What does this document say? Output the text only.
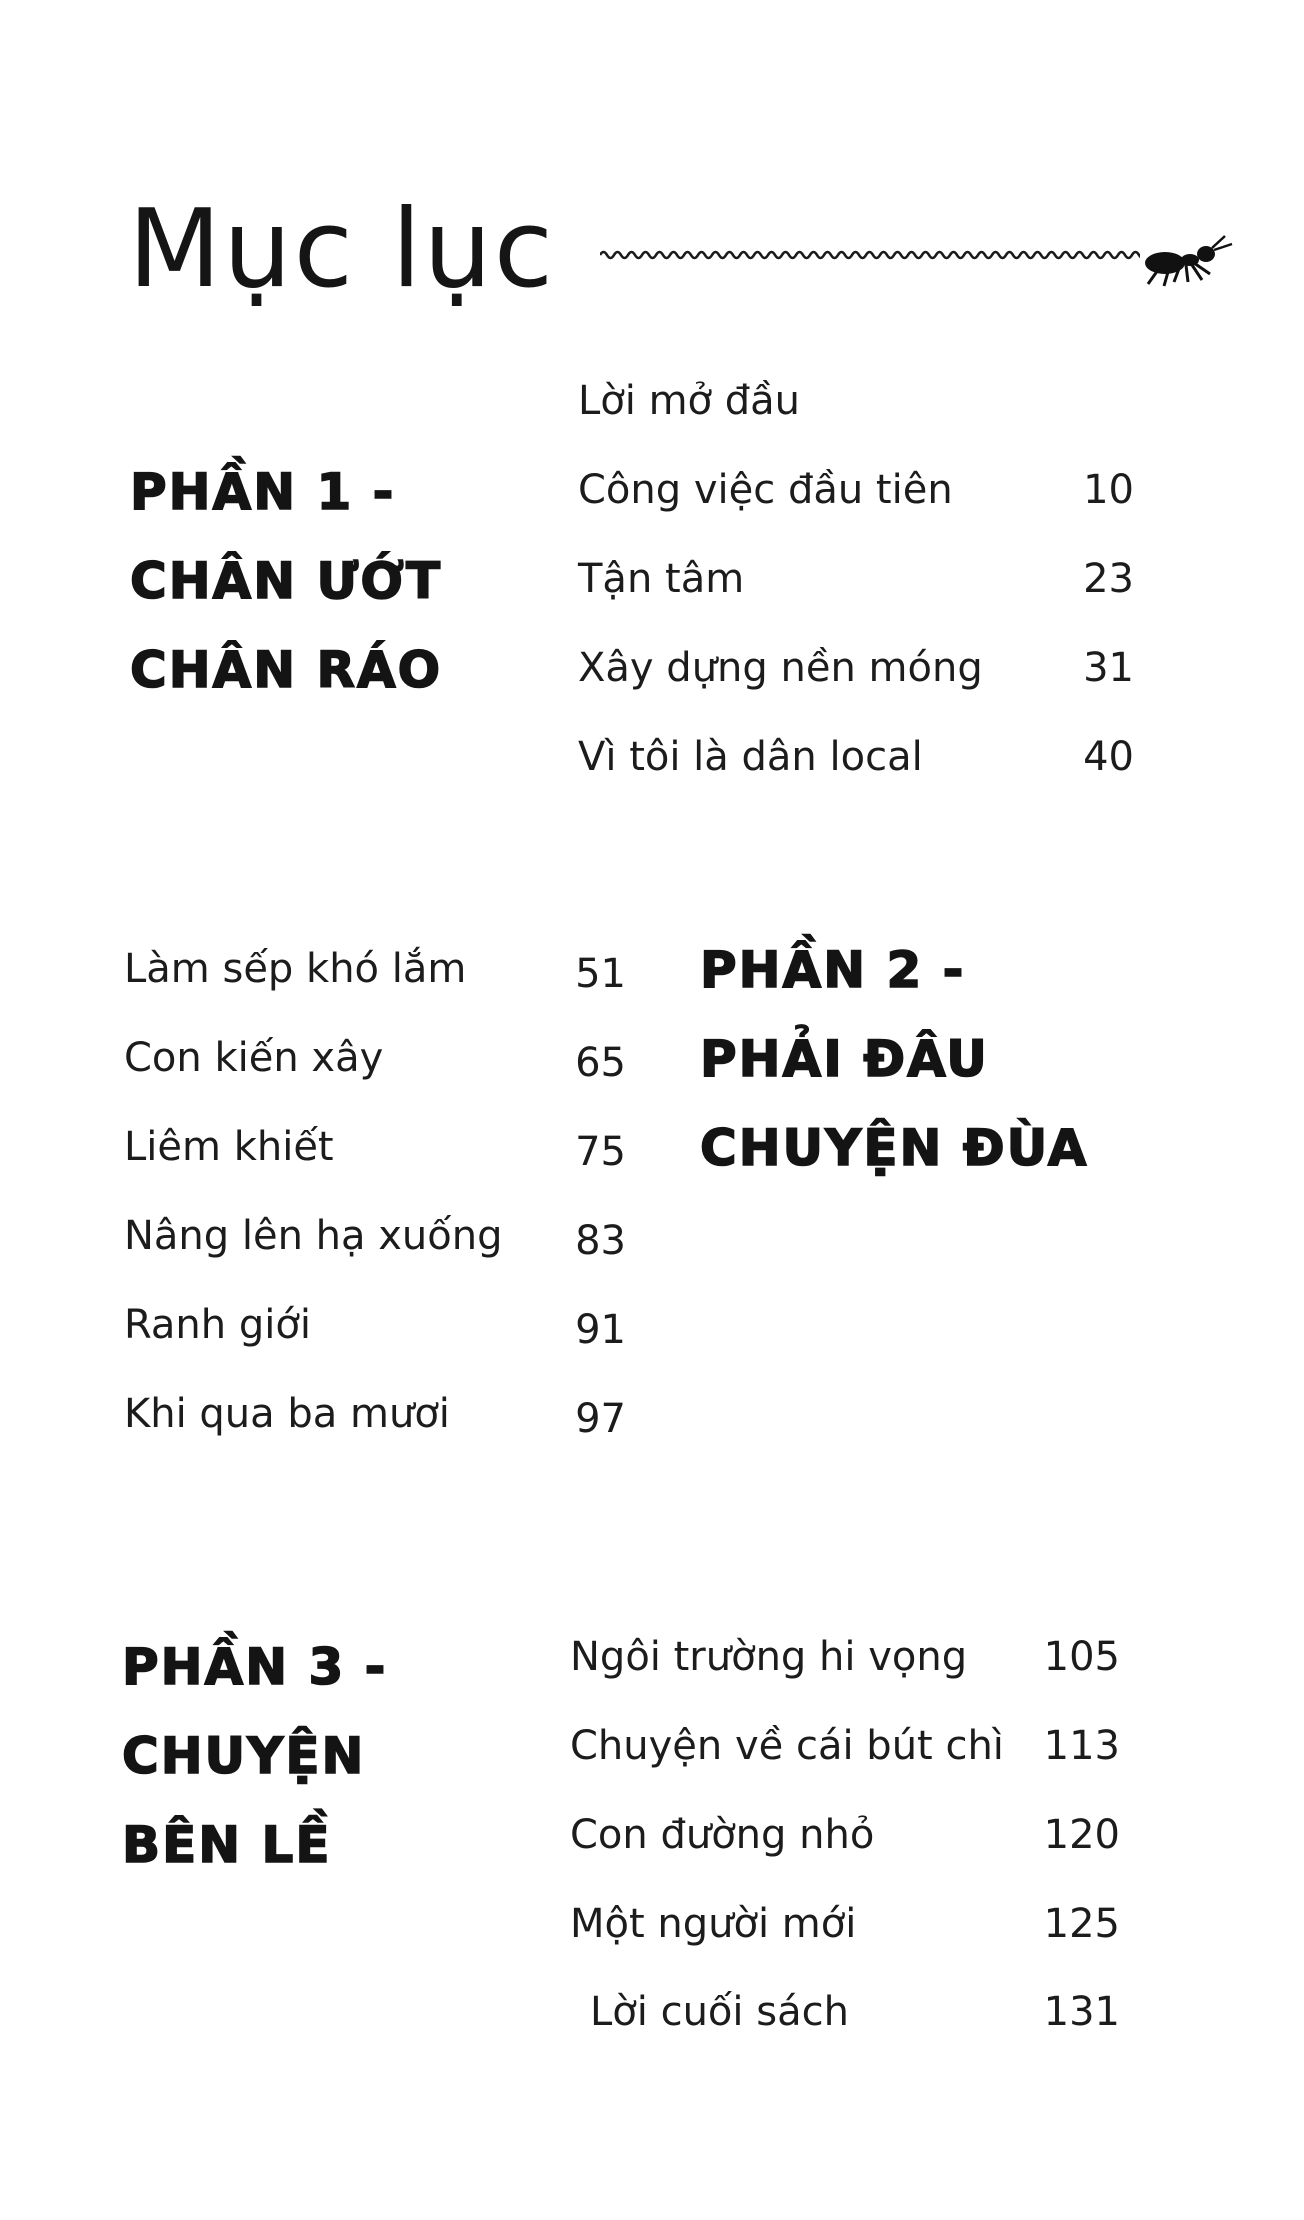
Mục lục
PHẦN 1 -
CHÂN ƯỚT
CHÂN RÁO
Lời mở đầu
Công việc đầu tiên	10
Tận tâm	23
Xây dựng nền móng	31
Vì tôi là dân local	40
Làm sếp khó lắm	51
Con kiến xây	65
Liêm khiết	75
Nâng lên hạ xuống	83
Ranh giới	91
Khi qua ba mươi	97
PHẦN 2 -
PHẢI ĐÂU
CHUYỆN ĐÙA
PHẦN 3 -
CHUYỆN
BÊN LỀ
Ngôi trường hi vọng	105
Chuyện về cái bút chì 113
Con đường nhỏ	120
Một người mới	125
Lời cuối sách	131
